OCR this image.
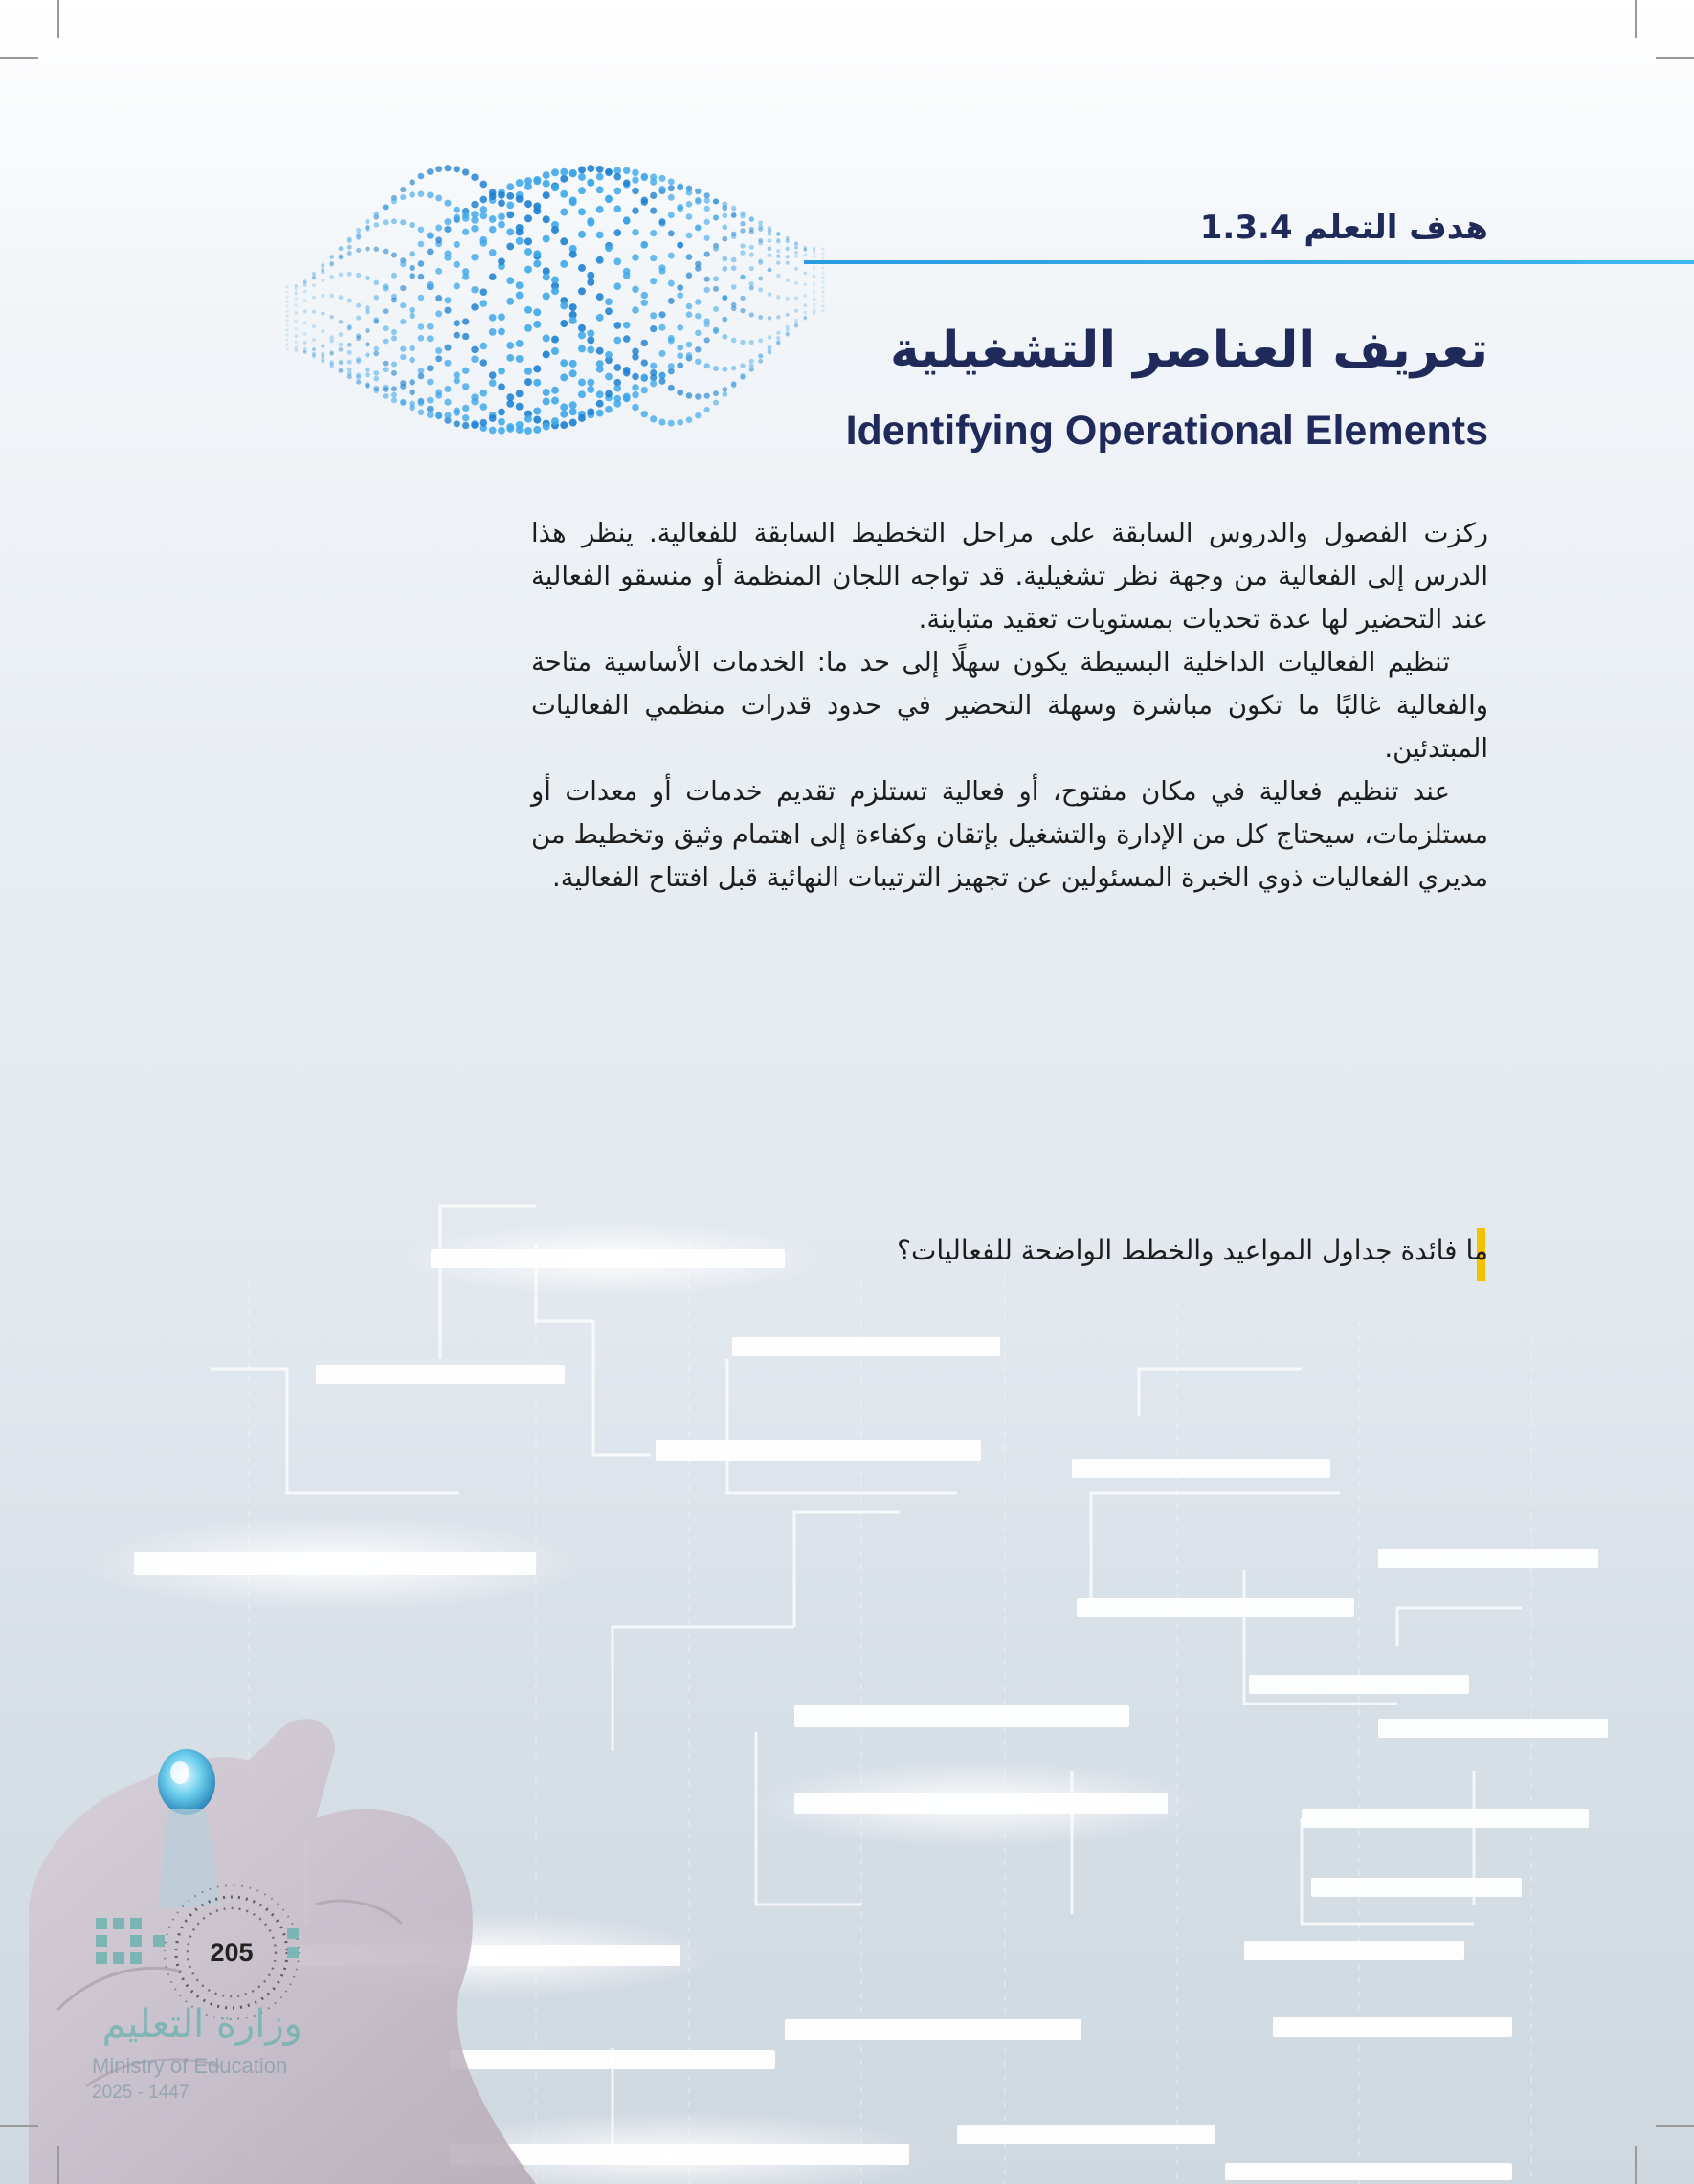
هدف التعلم 1.3.4
تعريف العناصر التشغيلية
Identifying Operational Elements

ركزت الفصول والدروس السابقة على مراحل التخطيط السابقة للفعالية. ينظر هذا الدرس إلى الفعالية من وجهة نظر تشغيلية. قد تواجه اللجان المنظمة أو منسقو الفعالية عند التحضير لها عدة تحديات بمستويات تعقيد متباينة.

تنظيم الفعاليات الداخلية البسيطة يكون سهلًا إلى حد ما: الخدمات الأساسية متاحة والفعالية غالبًا ما تكون مباشرة وسهلة التحضير في حدود قدرات منظمي الفعاليات المبتدئين.

عند تنظيم فعالية في مكان مفتوح، أو فعالية تستلزم تقديم خدمات أو معدات أو مستلزمات، سيحتاج كل من الإدارة والتشغيل بإتقان وكفاءة إلى اهتمام وثيق وتخطيط من مديري الفعاليات ذوي الخبرة المسئولين عن تجهيز الترتيبات النهائية قبل افتتاح الفعالية.

ما فائدة جداول المواعيد والخطط الواضحة للفعاليات؟
205
وزارة التعليم
Ministry of Education
2025 - 1447
